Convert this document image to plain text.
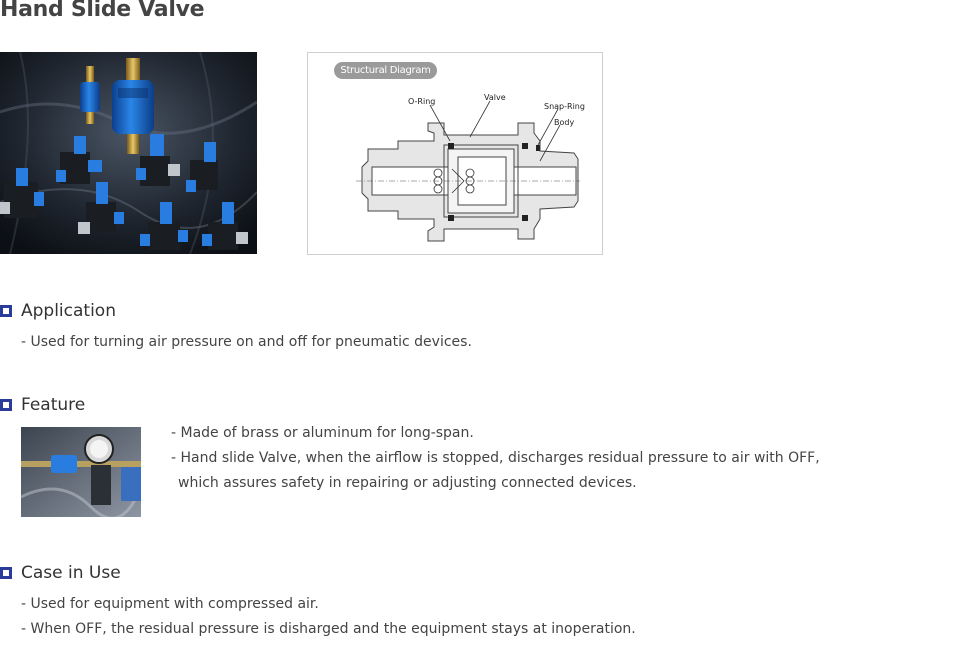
Hand Slide Valve
Structural Diagram
O-Ring	Valve
Snap-Ring
Body
Application
- Used for turning air pressure on and off for pneumatic devices.
Feature
- Made of brass or aluminum for long-span.
- Hand slide Valve, when the airflow is stopped, discharges residual pressure to air with OFF,
which assures safety in repairing or adjusting connected devices.
Case in Use
- Used for equipment with compressed air.
- When OFF, the residual pressure is disharged and the equipment stays at inoperation.
